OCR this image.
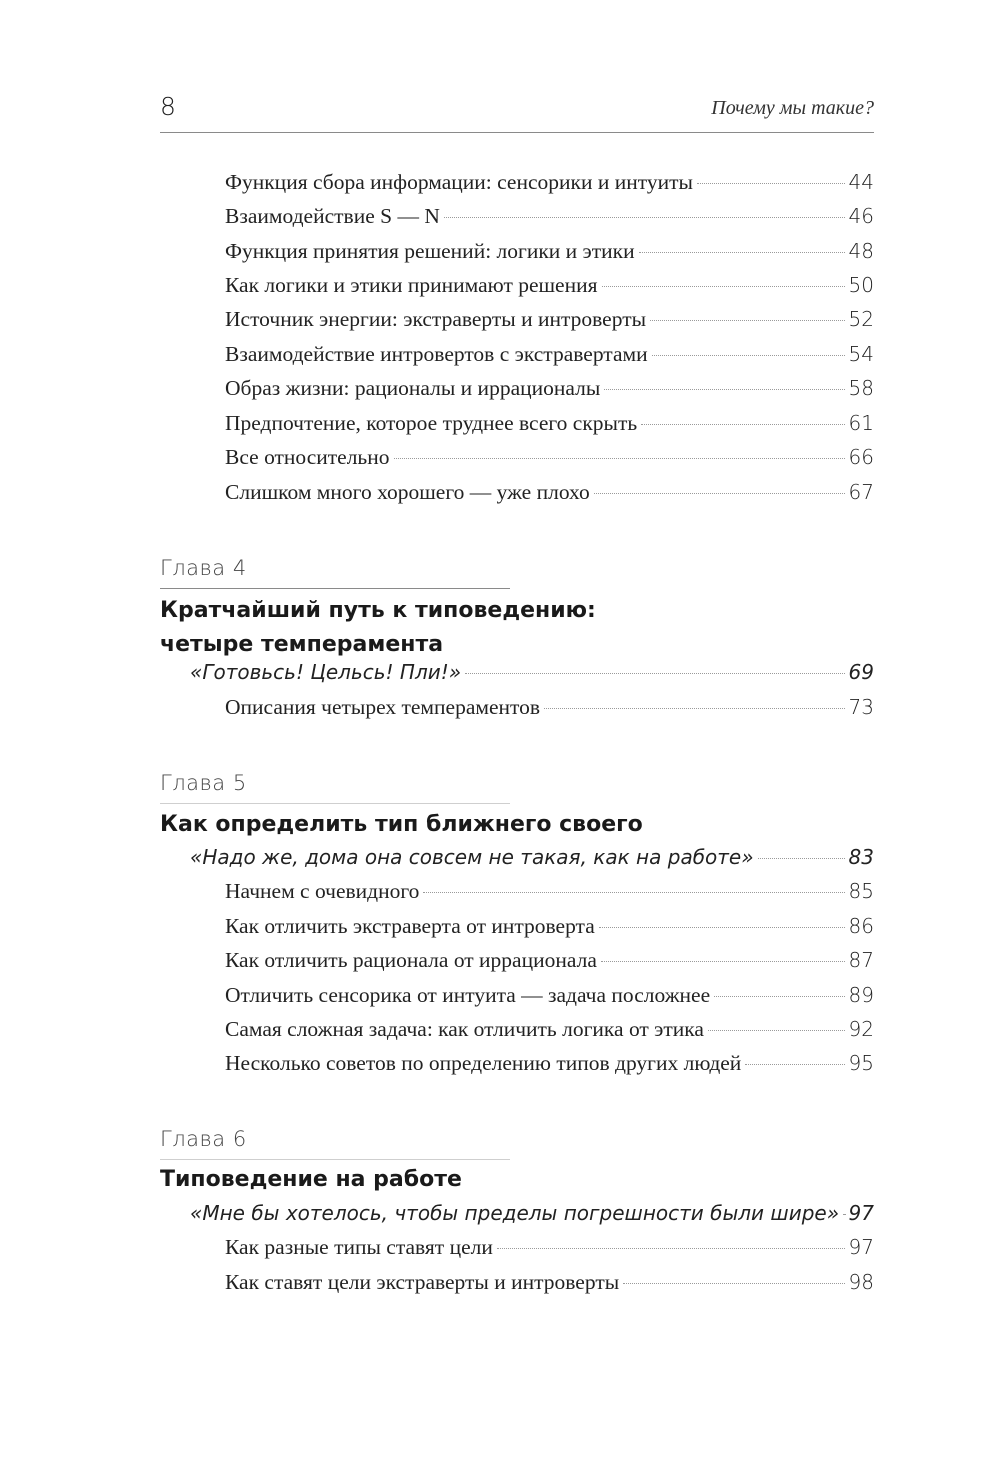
8	Почему мы такие?
Функция сбора информации: сенсорики и интуиты	44
Взаимодействие S — N	46
Функция принятия решений: логики и этики	48
Как логики и этики принимают решения	50
Источник энергии: экстраверты и интроверты	52
Взаимодействие интровертов с экстравертами	54
Образ жизни: рационалы и иррационалы	58
Предпочтение, которое труднее всего скрыть	61
Все относительно	66
Слишком много хорошего — уже плохо	67
Глава 4
Кратчайший путь к типоведению:
четыре темперамента
«Готовьсь! Цельсь! Пли!»	69
Описания четырех темпераментов	73
Глава 5
Как определить тип ближнего своего
«Надо же, дома она совсем не такая, как на работе»	83
Начнем с очевидного	85
Как отличить экстраверта от интроверта	86
Как отличить рационала от иррационала	87
Отличить сенсорика от интуита — задача посложнее	89
Самая сложная задача: как отличить логика от этика	92
Несколько советов по определению типов других людей	95
Глава 6
Типоведение на работе
«Мне бы хотелось, чтобы пределы погрешности были шире» 97
Как разные типы ставят цели	97
Как ставят цели экстраверты и интроверты	98
